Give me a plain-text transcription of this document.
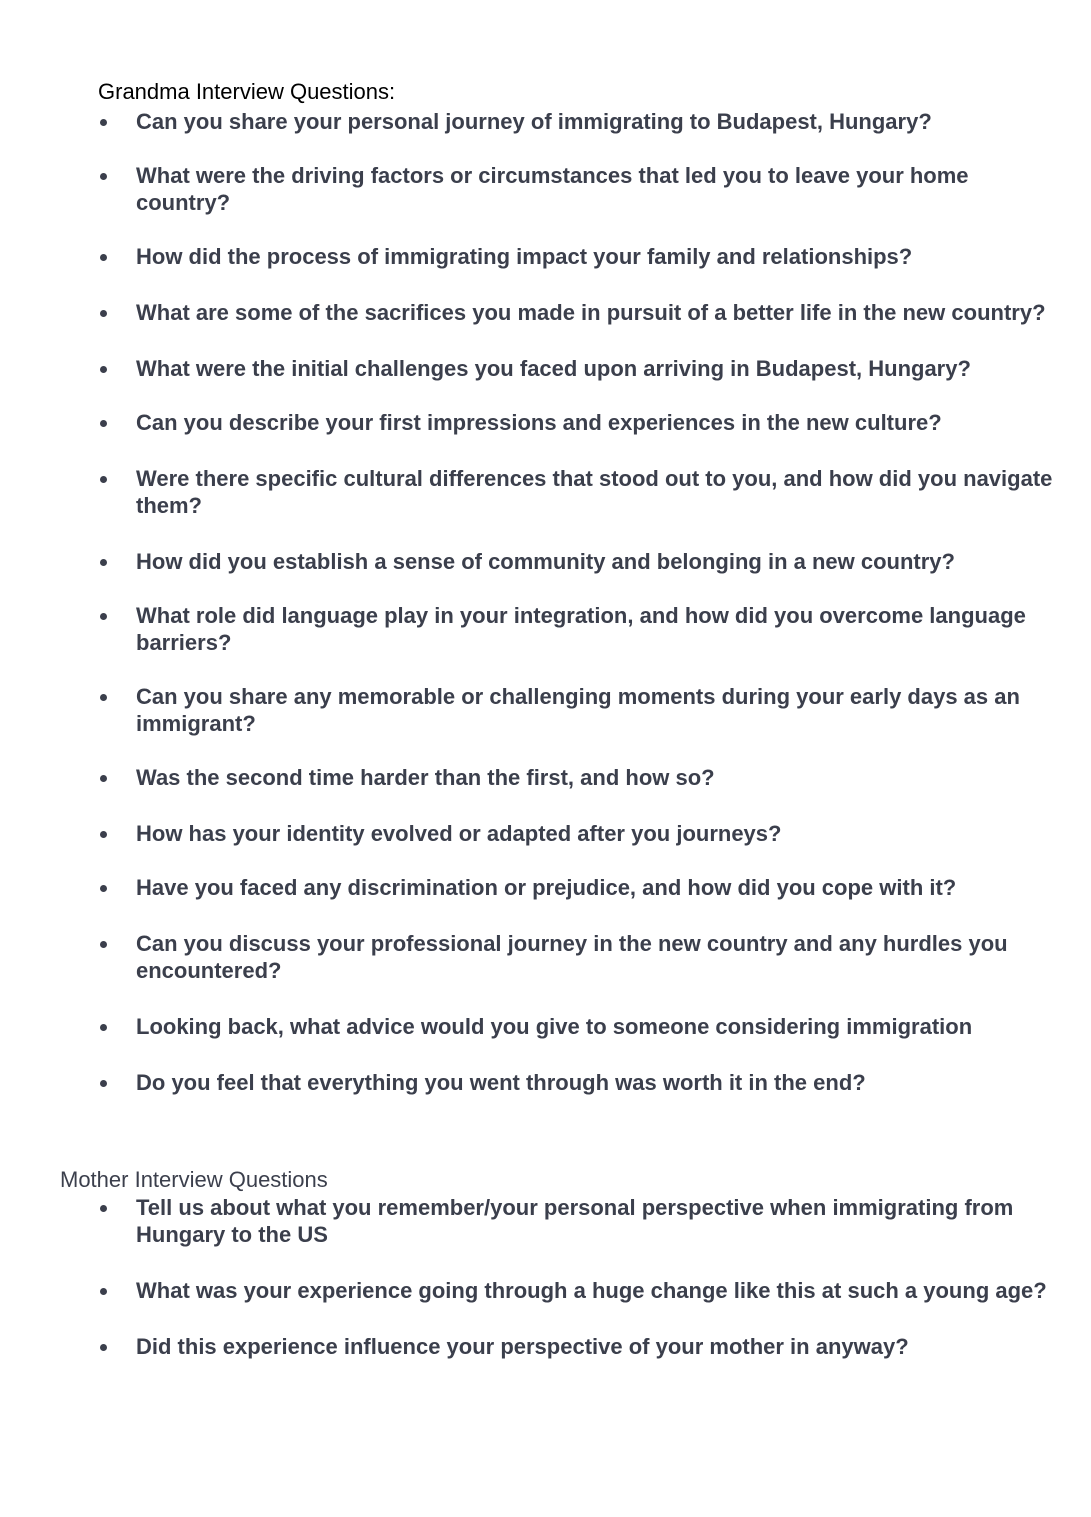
Grandma Interview Questions:
Can you share your personal journey of immigrating to Budapest, Hungary?
What were the driving factors or circumstances that led you to leave your home country?
How did the process of immigrating impact your family and relationships?
What are some of the sacrifices you made in pursuit of a better life in the new country?
What were the initial challenges you faced upon arriving in Budapest, Hungary?
Can you describe your first impressions and experiences in the new culture?
Were there specific cultural differences that stood out to you, and how did you navigate them?
How did you establish a sense of community and belonging in a new country?
What role did language play in your integration, and how did you overcome language barriers?
Can you share any memorable or challenging moments during your early days as an immigrant?
Was the second time harder than the first, and how so?
How has your identity evolved or adapted after you journeys?
Have you faced any discrimination or prejudice, and how did you cope with it?
Can you discuss your professional journey in the new country and any hurdles you encountered?
Looking back, what advice would you give to someone considering immigration
Do you feel that everything you went through was worth it in the end?
Mother Interview Questions
Tell us about what you remember/your personal perspective when immigrating from Hungary to the US
What was your experience going through a huge change like this at such a young age?
Did this experience influence your perspective of your mother in anyway?
